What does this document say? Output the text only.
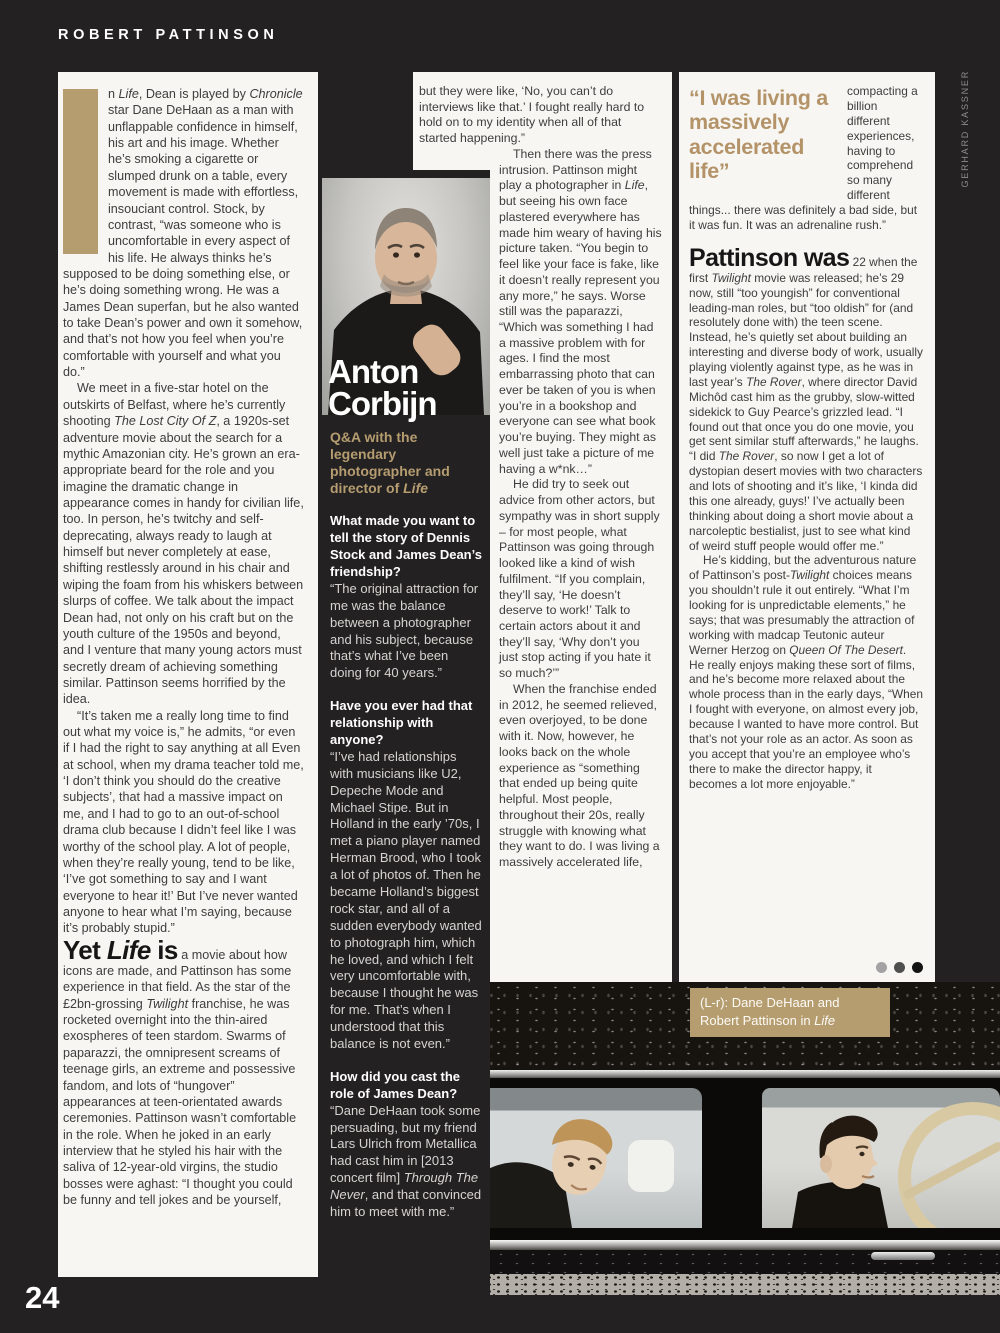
ROBERT PATTINSON
GERHARD KASSNER

n Life, Dean is played by Chronicle star Dane DeHaan as a man with unflappable confidence in himself, his art and his image. Whether he’s smoking a cigarette or slumped drunk on a table, every movement is made with effortless, insouciant control. Stock, by contrast, “was someone who is uncomfortable in every aspect of his life. He always thinks he’s supposed to be doing something else, or he’s doing something wrong. He was a James Dean superfan, but he also wanted to take Dean’s power and own it somehow, and that’s not how you feel when you’re comfortable with yourself and what you do.”

We meet in a five-star hotel on the outskirts of Belfast, where he’s currently shooting The Lost City Of Z, a 1920s-set adventure movie about the search for a mythic Amazonian city. He’s grown an era-appropriate beard for the role and you imagine the dramatic change in appearance comes in handy for civilian life, too. In person, he’s twitchy and self-deprecating, always ready to laugh at himself but never completely at ease, shifting restlessly around in his chair and wiping the foam from his whiskers between slurps of coffee. We talk about the impact Dean had, not only on his craft but on the youth culture of the 1950s and beyond, and I venture that many young actors must secretly dream of achieving something similar. Pattinson seems horrified by the idea.

“It’s taken me a really long time to find out what my voice is,” he admits, “or even if I had the right to say anything at all Even at school, when my drama teacher told me, ‘I don’t think you should do the creative subjects’, that had a massive impact on me, and I had to go to an out-of-school drama club because I didn’t feel like I was worthy of the school play. A lot of people, when they’re really young, tend to be like, ‘I’ve got something to say and I want everyone to hear it!’ But I’ve never wanted anyone to hear what I’m saying, because it’s probably stupid.”

Yet Life is a movie about how icons are made, and Pattinson has some experience in that field. As the star of the £2bn-grossing Twilight franchise, he was rocketed overnight into the thin-aired exospheres of teen stardom. Swarms of paparazzi, the omnipresent screams of teenage girls, an extreme and possessive fandom, and lots of “hungover” appearances at teen-orientated awards ceremonies. Pattinson wasn’t comfortable in the role. When he joked in an early interview that he styled his hair with the saliva of 12-year-old virgins, the studio bosses were aghast: “I thought you could be funny and tell jokes and be yourself,

but they were like, ‘No, you can’t do interviews like that.’ I fought really hard to hold on to my identity when all of that started happening.”

Then there was the press intrusion. Pattinson might play a photographer in Life, but seeing his own face plastered everywhere has made him weary of having his picture taken. “You begin to feel like your face is fake, like it doesn’t really represent you any more,” he says. Worse still was the paparazzi, “Which was something I had a massive problem with for ages. I find the most embarrassing photo that can ever be taken of you is when you’re in a bookshop and everyone can see what book you’re buying. They might as well just take a picture of me having a w*nk…”

He did try to seek out advice from other actors, but sympathy was in short supply – for most people, what Pattinson was going through looked like a kind of wish fulfilment. “If you complain, they’ll say, ‘He doesn’t deserve to work!’ Talk to certain actors about it and they’ll say, ‘Why don’t you just stop acting if you hate it so much?’”

When the franchise ended in 2012, he seemed relieved, even overjoyed, to be done with it. Now, however, he looks back on the whole experience as “something that ended up being quite helpful. Most people, throughout their 20s, really struggle with knowing what they want to do. I was living a massively accelerated life,

“I was living a massively accelerated life”

compacting a billion different experiences, having to comprehend so many different things... there was definitely a bad side, but it was fun. It was an adrenaline rush.”

Pattinson was 22 when the first Twilight movie was released; he’s 29 now, still “too youngish” for conventional leading-man roles, but “too oldish” for (and resolutely done with) the teen scene. Instead, he’s quietly set about building an interesting and diverse body of work, usually playing violently against type, as he was in last year’s The Rover, where director David Michôd cast him as the grubby, slow-witted sidekick to Guy Pearce’s grizzled lead. “I found out that once you do one movie, you get sent similar stuff afterwards,” he laughs. “I did The Rover, so now I get a lot of dystopian desert movies with two characters and lots of shooting and it’s like, ‘I kinda did this one already, guys!’ I’ve actually been thinking about doing a short movie about a narcoleptic bestialist, just to see what kind of weird stuff people would offer me.”

He’s kidding, but the adventurous nature of Pattinson’s post-Twilight choices means you shouldn’t rule it out entirely. “What I’m looking for is unpredictable elements,” he says; that was presumably the attraction of working with madcap Teutonic auteur Werner Herzog on Queen Of The Desert. He really enjoys making these sort of films, and he’s become more relaxed about the whole process than in the early days, “When I fought with everyone, on almost every job, because I wanted to have more control. But that’s not your role as an actor. As soon as you accept that you’re an employee who’s there to make the director happy, it becomes a lot more enjoyable.”

(L-r): Dane DeHaan and Robert Pattinson in Life
Anton Corbijn

Q&A with the legendary photographer and director of Life

What made you want to tell the story of Dennis Stock and James Dean’s friendship?

“The original attraction for me was the balance between a photographer and his subject, because that’s what I’ve been doing for 40 years.”

Have you ever had that relationship with anyone?

“I’ve had relationships with musicians like U2, Depeche Mode and Michael Stipe. But in Holland in the early ’70s, I met a piano player named Herman Brood, who I took a lot of photos of. Then he became Holland’s biggest rock star, and all of a sudden everybody wanted to photograph him, which he loved, and which I felt very uncomfortable with, because I thought he was for me. That’s when I understood that this balance is not even.”

How did you cast the role of James Dean?

“Dane DeHaan took some persuading, but my friend Lars Ulrich from Metallica had cast him in [2013 concert film] Through The Never, and that convinced him to meet with me.”

24
